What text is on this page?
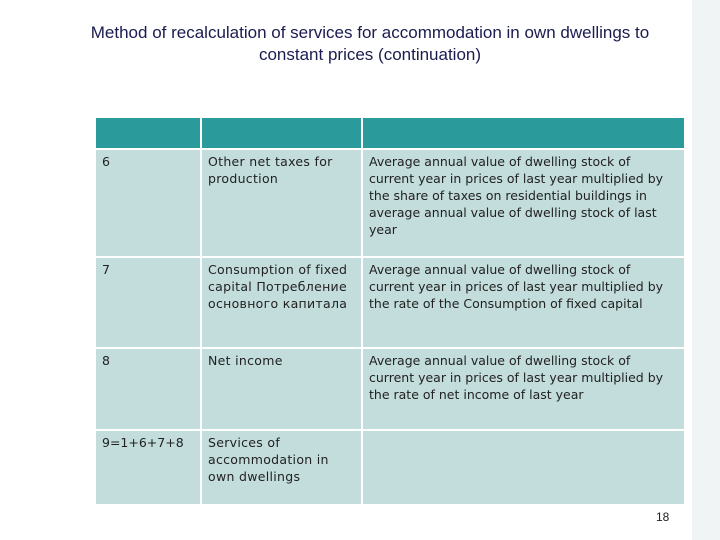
Method of recalculation of services for accommodation in own dwellings to constant prices (continuation)

6	Other net taxes for production	Average annual value of dwelling stock of current year in prices of last year multiplied by the share of taxes on residential buildings in average annual value of dwelling stock of last year
7	Consumption of fixed capital Потребление основного капитала	Average annual value of dwelling stock of current year in prices of last year multiplied by the rate of the Consumption of fixed capital
8	Net income	Average annual value of dwelling stock of current year in prices of last year multiplied by the rate of net income of last year
9=1+6+7+8	Services of accommodation in own dwellings	
18
